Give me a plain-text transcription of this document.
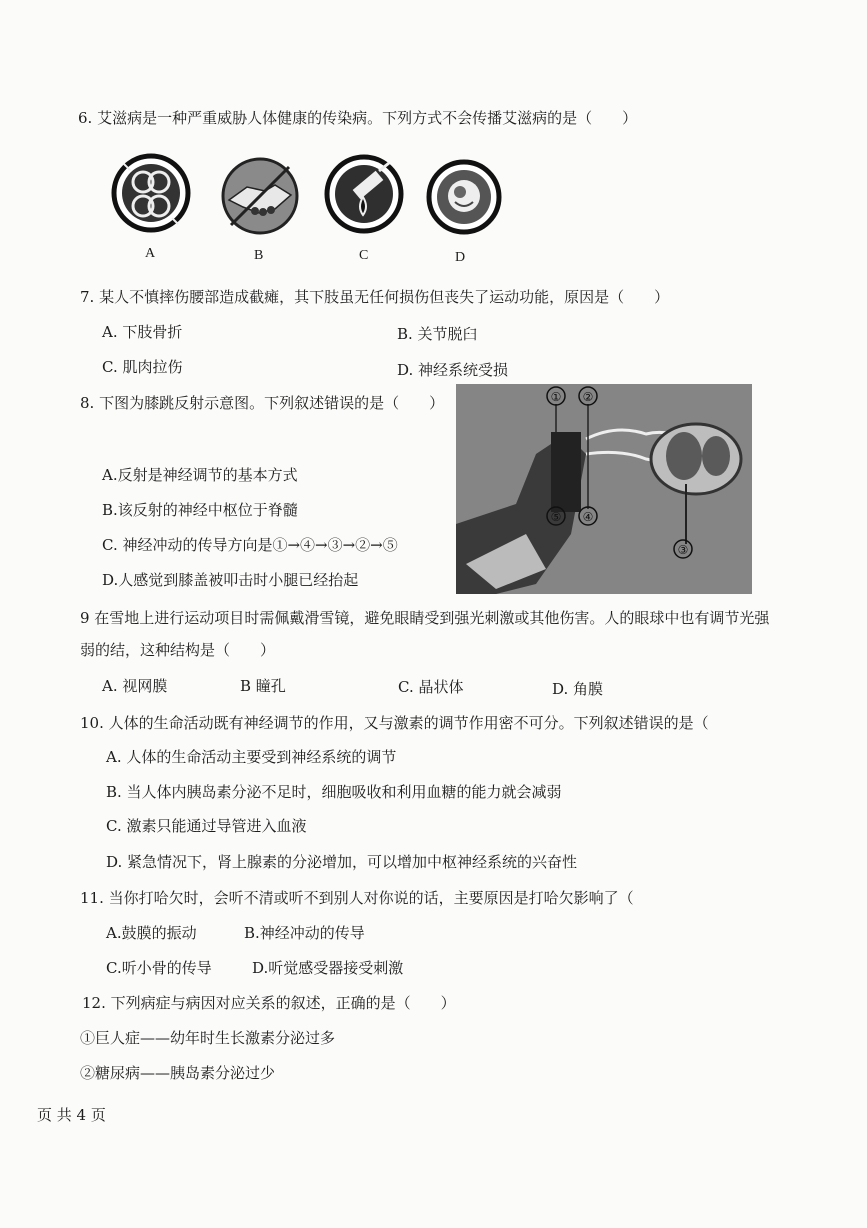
6. 艾滋病是一种严重威胁人体健康的传染病。下列方式不会传播艾滋病的是（　　）
A	B	C	D
7. 某人不慎摔伤腰部造成截瘫，其下肢虽无任何损伤但丧失了运动功能，原因是（　　）
A. 下肢骨折	B. 关节脱臼
C. 肌肉拉伤	D. 神经系统受损
8. 下图为膝跳反射示意图。下列叙述错误的是（　　）
A.反射是神经调节的基本方式
B.该反射的神经中枢位于脊髓
C. 神经冲动的传导方向是①→④→③→②→⑤
D.人感觉到膝盖被叩击时小腿已经抬起
① ②
⑤ ④
③
9 在雪地上进行运动项目时需佩戴滑雪镜，避免眼睛受到强光刺激或其他伤害。人的眼球中也有调节光强
弱的结，这种结构是（　　）
A. 视网膜	B 瞳孔	C. 晶状体	D. 角膜
10. 人体的生命活动既有神经调节的作用，又与激素的调节作用密不可分。下列叙述错误的是（
A. 人体的生命活动主要受到神经系统的调节
B. 当人体内胰岛素分泌不足时，细胞吸收和利用血糖的能力就会减弱
C. 激素只能通过导管进入血液
D. 紧急情况下，肾上腺素的分泌增加，可以增加中枢神经系统的兴奋性
11. 当你打哈欠时，会听不清或听不到别人对你说的话，主要原因是打哈欠影响了（
A.鼓膜的振动	B.神经冲动的传导
C.听小骨的传导	D.听觉感受器接受刺激
12. 下列病症与病因对应关系的叙述，正确的是（　　）
①巨人症——幼年时生长激素分泌过多
②糖尿病——胰岛素分泌过少
页 共 4 页
